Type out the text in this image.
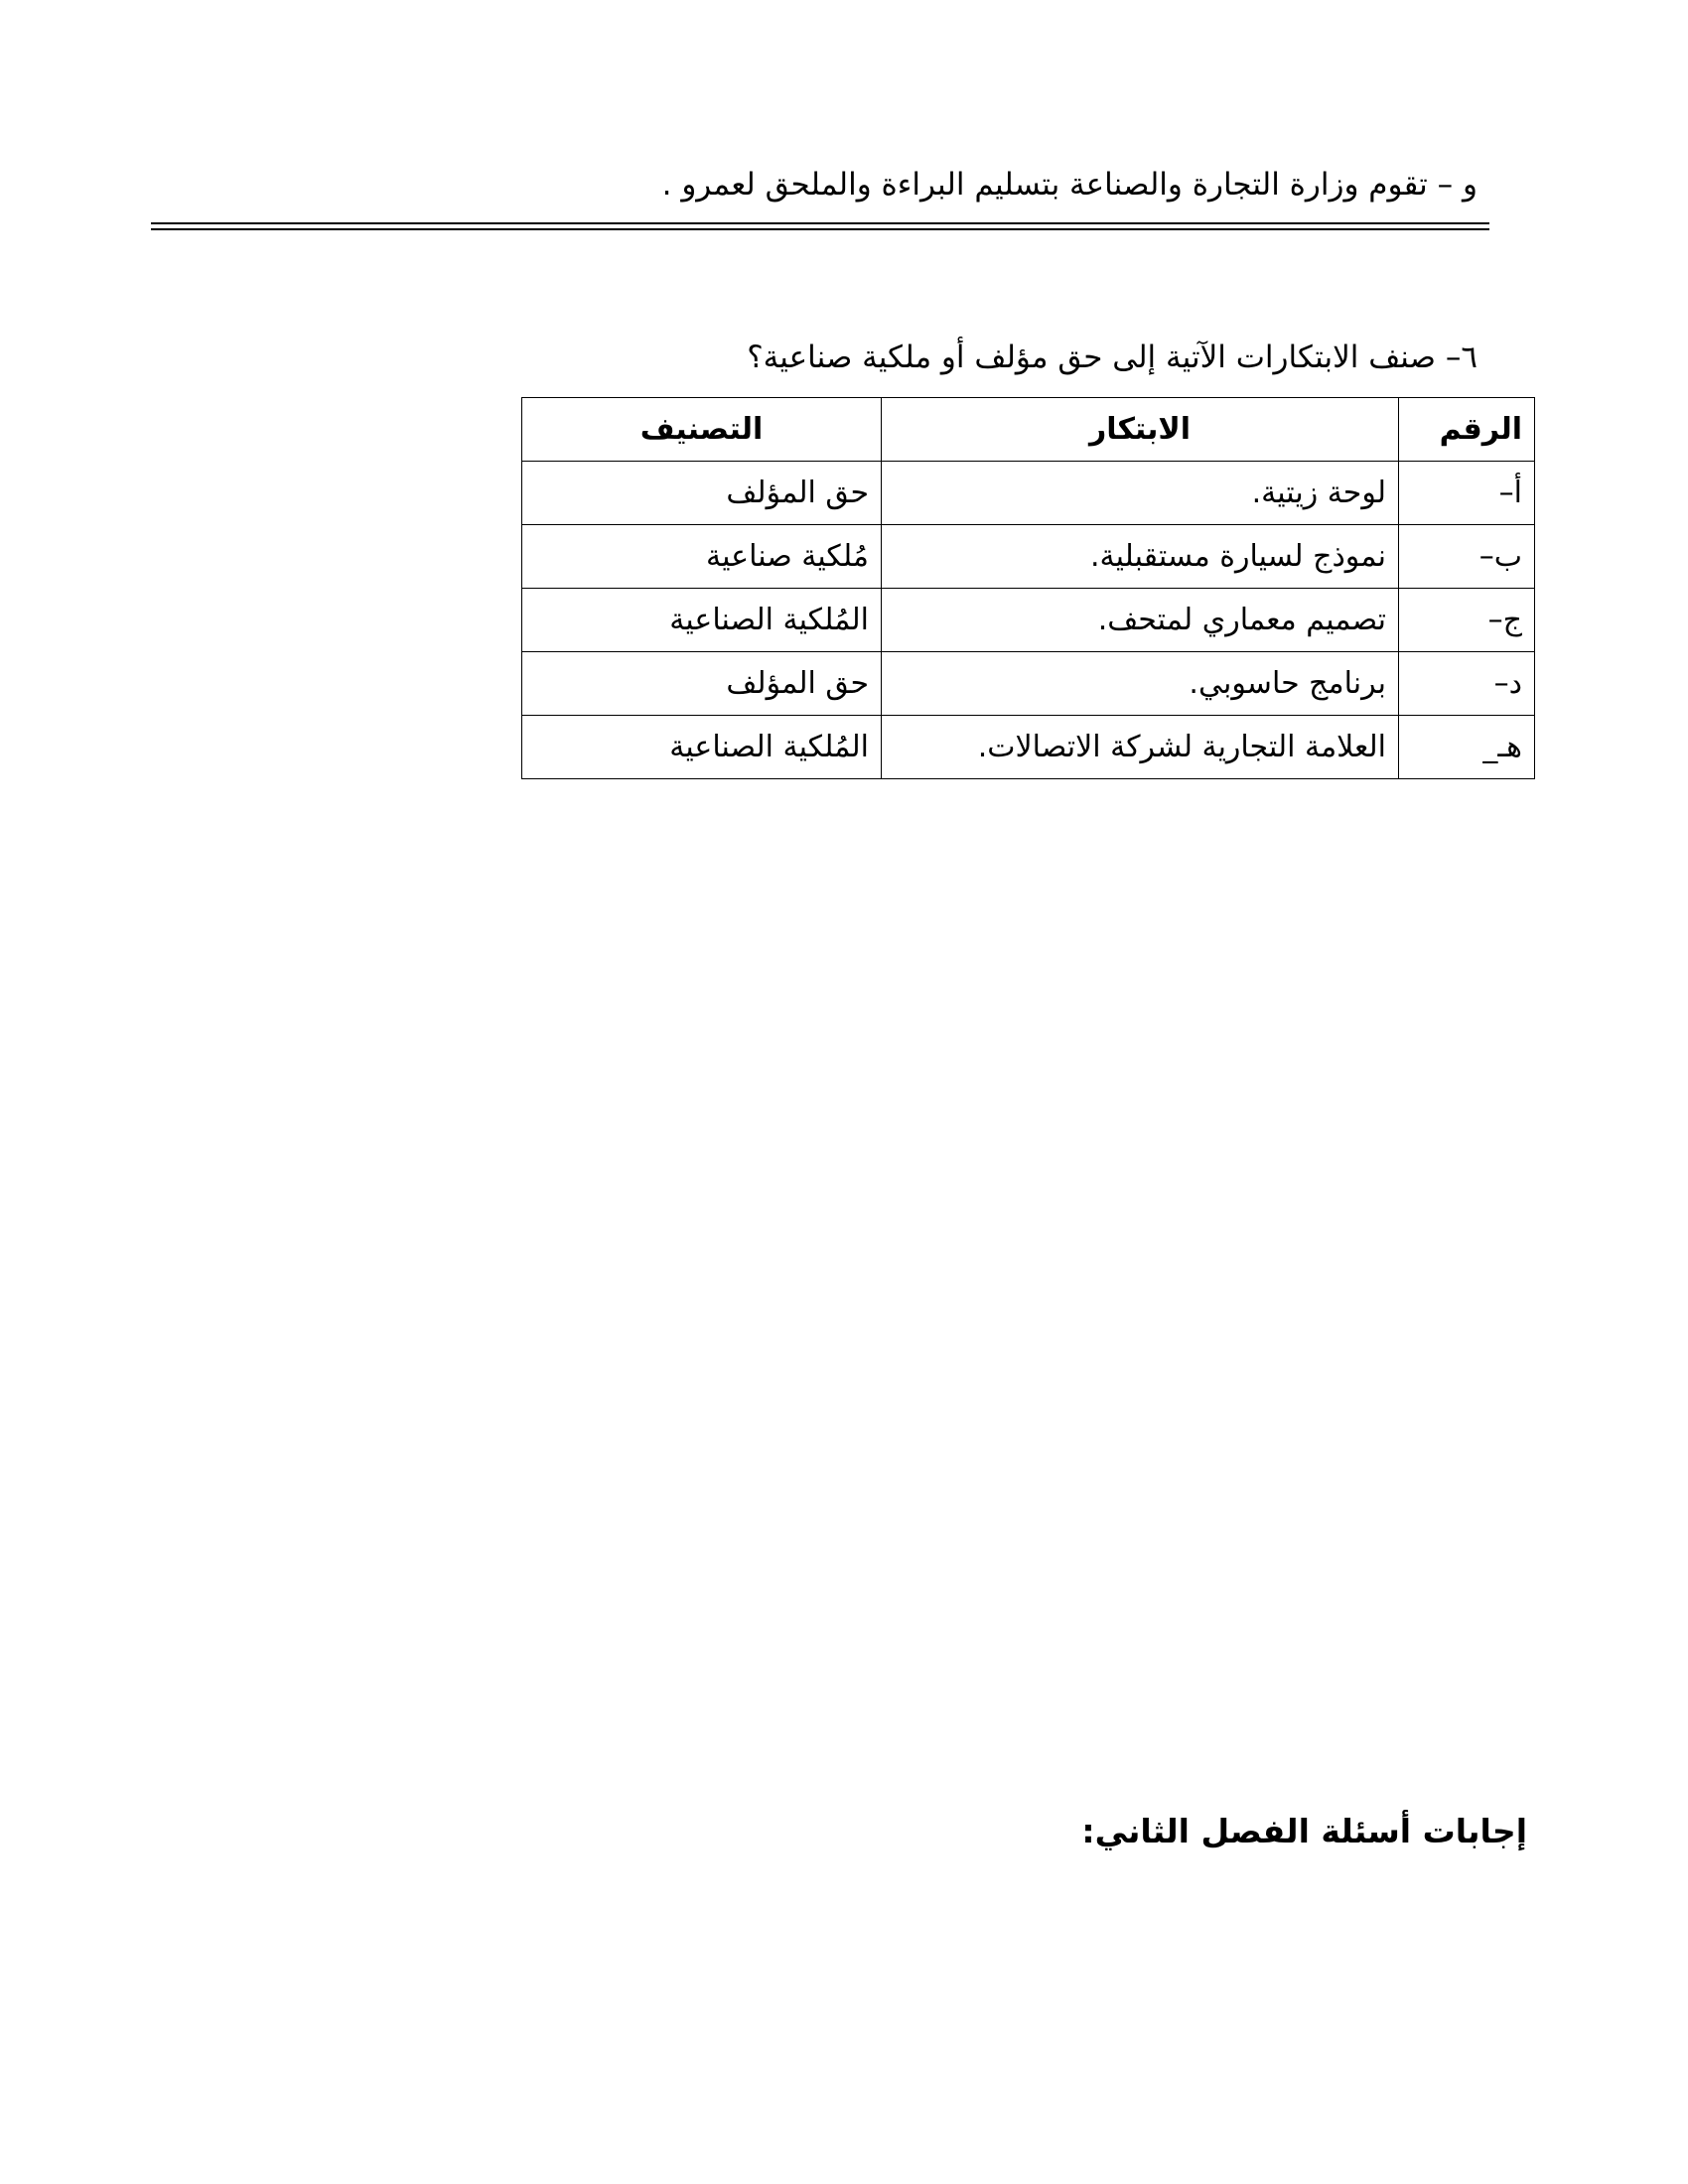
و – تقوم وزارة التجارة والصناعة بتسليم البراءة والملحق لعمرو .

٦– صنف الابتكارات الآتية إلى حق مؤلف أو ملكية صناعية؟

الرقم	الابتكار	التصنيف
أ–	لوحة زيتية.	حق المؤلف
ب–	نموذج لسيارة مستقبلية.	مُلكية صناعية
ج–	تصميم معماري لمتحف.	المُلكية الصناعية
د–	برنامج حاسوبي.	حق المؤلف
هـ_	العلامة التجارية لشركة الاتصالات.	المُلكية الصناعية

إجابات أسئلة الفصل الثاني:
